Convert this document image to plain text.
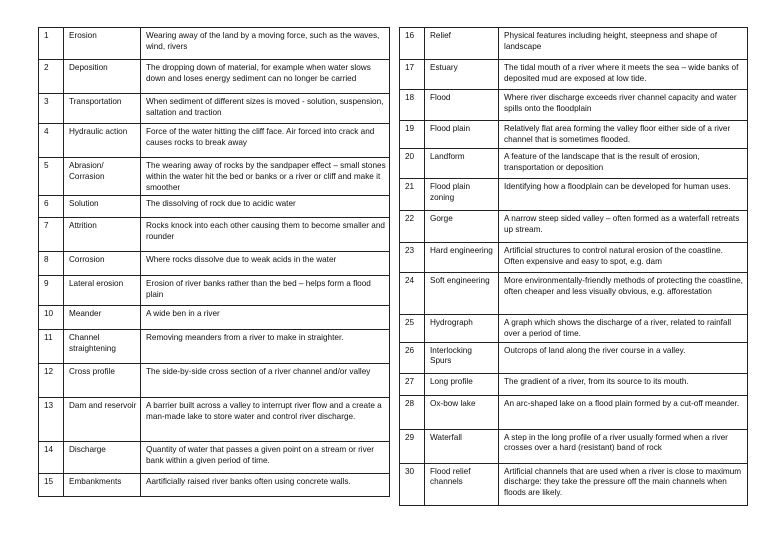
1	Erosion	Wearing away of the land by a moving force, such as the waves, wind, rivers
2	Deposition	The dropping down of material, for example when water slows down and loses energy sediment can no longer be carried
3	Transportation	When sediment of different sizes is moved - solution, suspension, saltation and traction
4	Hydraulic action	Force of the water hitting the cliff face. Air forced into crack and causes rocks to break away
5	Abrasion/ Corrasion	The wearing away of rocks by the sandpaper effect – small stones within the water hit the bed or banks or a river or cliff and make it smoother
6	Solution	The dissolving of rock due to acidic water
7	Attrition	Rocks knock into each other causing them to become smaller and rounder
8	Corrosion	Where rocks dissolve due to weak acids in the water
9	Lateral erosion	Erosion of river banks rather than the bed – helps form a flood plain
10	Meander	A wide ben in a river
11	Channel straightening	Removing meanders from a river to make in straighter.
12	Cross profile	The side-by-side cross section of a river channel and/or valley
13	Dam and reservoir	A barrier built across a valley to interrupt river flow and a create a man-made lake to store water and control river discharge.
14	Discharge	Quantity of water that passes a given point on a stream or river bank within a given period of time.
15	Embankments	Aartificially raised river banks often using concrete walls.
16	Relief	Physical features including height, steepness and shape of landscape
17	Estuary	The tidal mouth of a river where it meets the sea – wide banks of deposited mud are exposed at low tide.
18	Flood	Where river discharge exceeds river channel capacity and water spills onto the floodplain
19	Flood plain	Relatively flat area forming the valley floor either side of a river channel that is sometimes flooded.
20	Landform	A feature of the landscape that is the result of erosion, transportation or deposition
21	Flood plain zoning	Identifying how a floodplain can be developed for human uses.
22	Gorge	A narrow steep sided valley – often formed as a waterfall retreats up stream.
23	Hard engineering	Artificial structures to control natural erosion of the coastline. Often expensive and easy to spot, e.g. dam
24	Soft engineering	More environmentally-friendly methods of protecting the coastline, often cheaper and less visually obvious, e.g. afforestation
25	Hydrograph	A graph which shows the discharge of a river, related to rainfall over a period of time.
26	Interlocking Spurs	Outcrops of land along the river course in a valley.
27	Long profile	The gradient of a river, from its source to its mouth.
28	Ox-bow lake	An arc-shaped lake on a flood plain formed by a cut-off meander.
29	Waterfall	A step in the long profile of a river usually formed when a river crosses over a hard (resistant) band of rock
30	Flood relief channels	Artificial channels that are used when a river is close to maximum discharge: they take the pressure off the main channels when floods are likely.
